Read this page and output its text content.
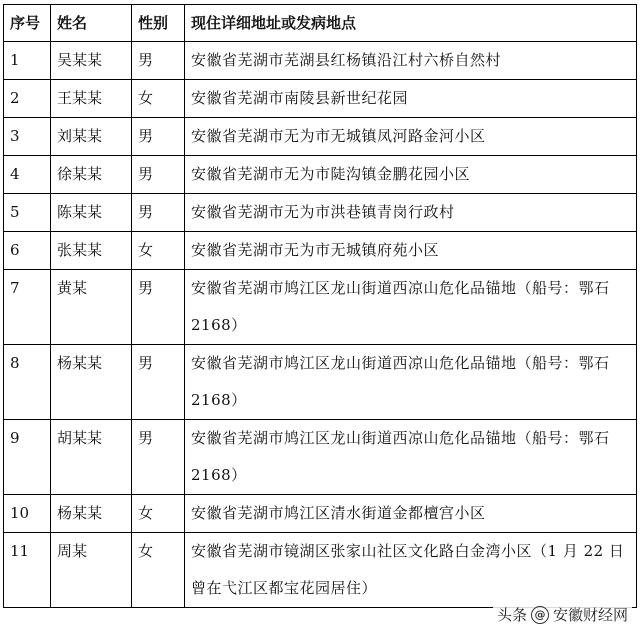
序号	姓名	性别	现住详细地址或发病地点
1	吴某某	男	安徽省芜湖市芜湖县红杨镇沿江村六桥自然村
2	王某某	女	安徽省芜湖市南陵县新世纪花园
3	刘某某	男	安徽省芜湖市无为市无城镇凤河路金河小区
4	徐某某	男	安徽省芜湖市无为市陡沟镇金鹏花园小区
5	陈某某	男	安徽省芜湖市无为市洪巷镇青岗行政村
6	张某某	女	安徽省芜湖市无为市无城镇府苑小区
7	黄某	男	安徽省芜湖市鸠江区龙山街道西凉山危化品锚地（船号：鄂石 2168）
8	杨某某	男	安徽省芜湖市鸠江区龙山街道西凉山危化品锚地（船号：鄂石 2168）
9	胡某某	男	安徽省芜湖市鸠江区龙山街道西凉山危化品锚地（船号：鄂石 2168）
10	杨某某	女	安徽省芜湖市鸠江区清水街道金都檀宫小区
11	周某	女	安徽省芜湖市镜湖区张家山社区文化路白金湾小区（1 月 22 日曾在弋江区都宝花园居住）
头条 @ 安徽财经网
